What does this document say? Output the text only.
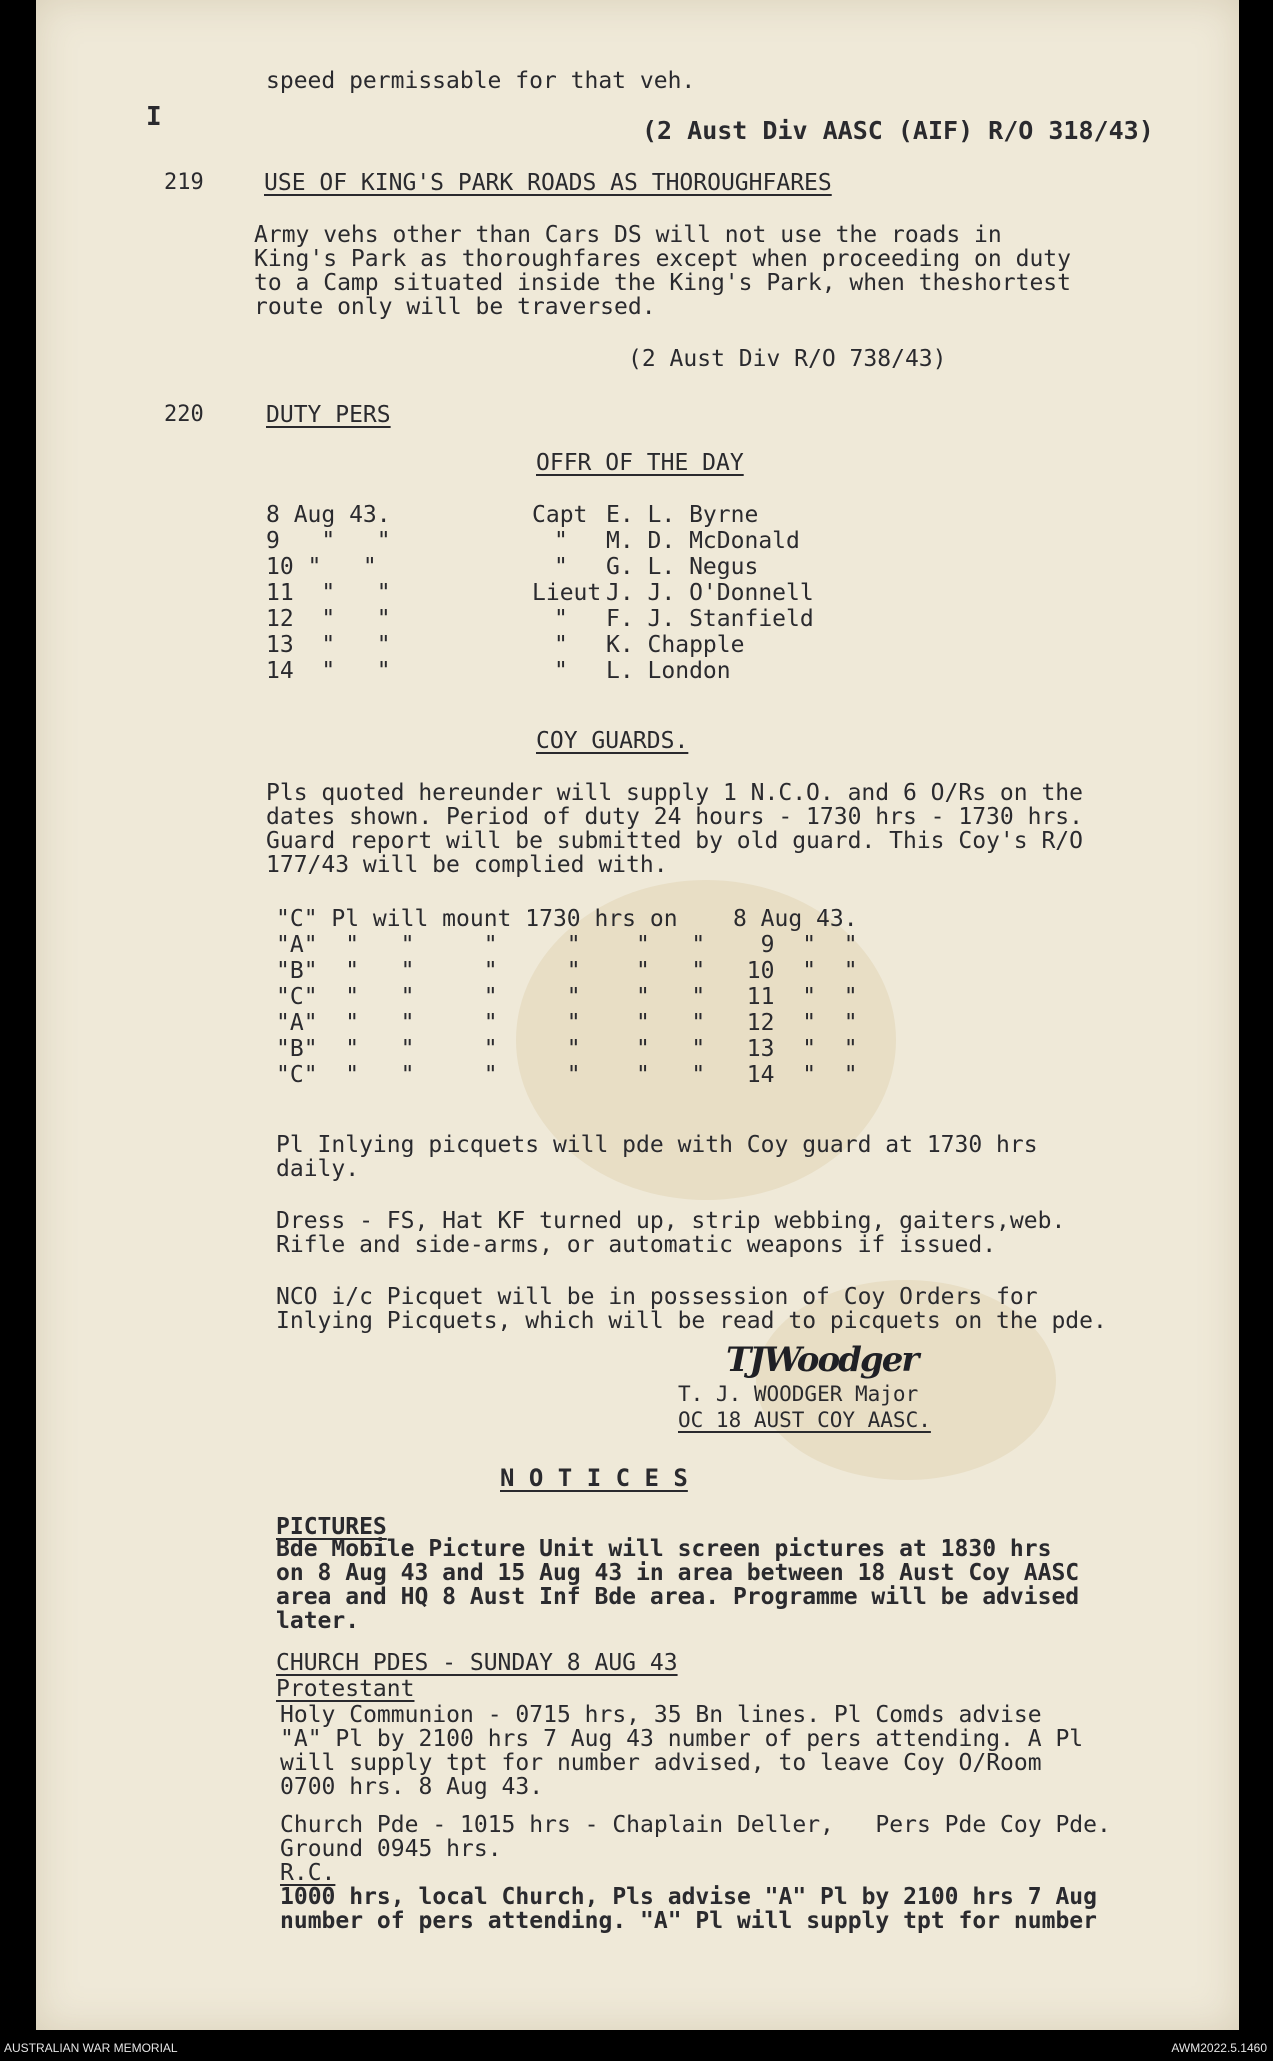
speed permissable for that veh.
I	(2 Aust Div AASC (AIF) R/O 318/43)
219	USE OF KING'S PARK ROADS AS THOROUGHFARES
Army vehs other than Cars DS will not use the roads in
King's Park as thoroughfares except when proceeding on duty
to a Camp situated inside the King's Park, when theshortest
route only will be traversed.
(2 Aust Div R/O 738/43)
220	DUTY PERS
OFFR OF THE DAY
8 Aug 43.	Capt E. L. Byrne
9   "   "	" M. D. McDonald
10 "   "	" G. L. Negus
11  "   "	Lieut J. J. O'Donnell
12  "   "	" F. J. Stanfield
13  "   "	" K. Chapple
14  "   "	" L. London
COY GUARDS.
Pls quoted hereunder will supply 1 N.C.O. and 6 O/Rs on the
dates shown. Period of duty 24 hours - 1730 hrs - 1730 hrs.
Guard report will be submitted by old guard. This Coy's R/O
177/43 will be complied with.
"C" Pl will mount 1730 hrs on    8 Aug 43.
"A"  "   "     "     "    "   "    9  "  "
"B"  "   "     "     "    "   "   10  "  "
"C"  "   "     "     "    "   "   11  "  "
"A"  "   "     "     "    "   "   12  "  "
"B"  "   "     "     "    "   "   13  "  "
"C"  "   "     "     "    "   "   14  "  "
Pl Inlying picquets will pde with Coy guard at 1730 hrs
daily.
Dress - FS, Hat KF turned up, strip webbing, gaiters,web.
Rifle and side-arms, or automatic weapons if issued.
NCO i/c Picquet will be in possession of Coy Orders for
Inlying Picquets, which will be read to picquets on the pde.
TJWoodger
T. J. WOODGER Major
OC 18 AUST COY AASC.
N O T I C E S
PICTURES
Bde Mobile Picture Unit will screen pictures at 1830 hrs
on 8 Aug 43 and 15 Aug 43 in area between 18 Aust Coy AASC
area and HQ 8 Aust Inf Bde area. Programme will be advised
later.
CHURCH PDES - SUNDAY 8 AUG 43
Protestant
Holy Communion - 0715 hrs, 35 Bn lines. Pl Comds advise
"A" Pl by 2100 hrs 7 Aug 43 number of pers attending. A Pl
will supply tpt for number advised, to leave Coy O/Room
0700 hrs. 8 Aug 43.
Church Pde - 1015 hrs - Chaplain Deller,   Pers Pde Coy Pde.
Ground 0945 hrs.
R.C.
1000 hrs, local Church, Pls advise "A" Pl by 2100 hrs 7 Aug
number of pers attending. "A" Pl will supply tpt for number
AUSTRALIAN WAR MEMORIAL	AWM2022.5.1460
